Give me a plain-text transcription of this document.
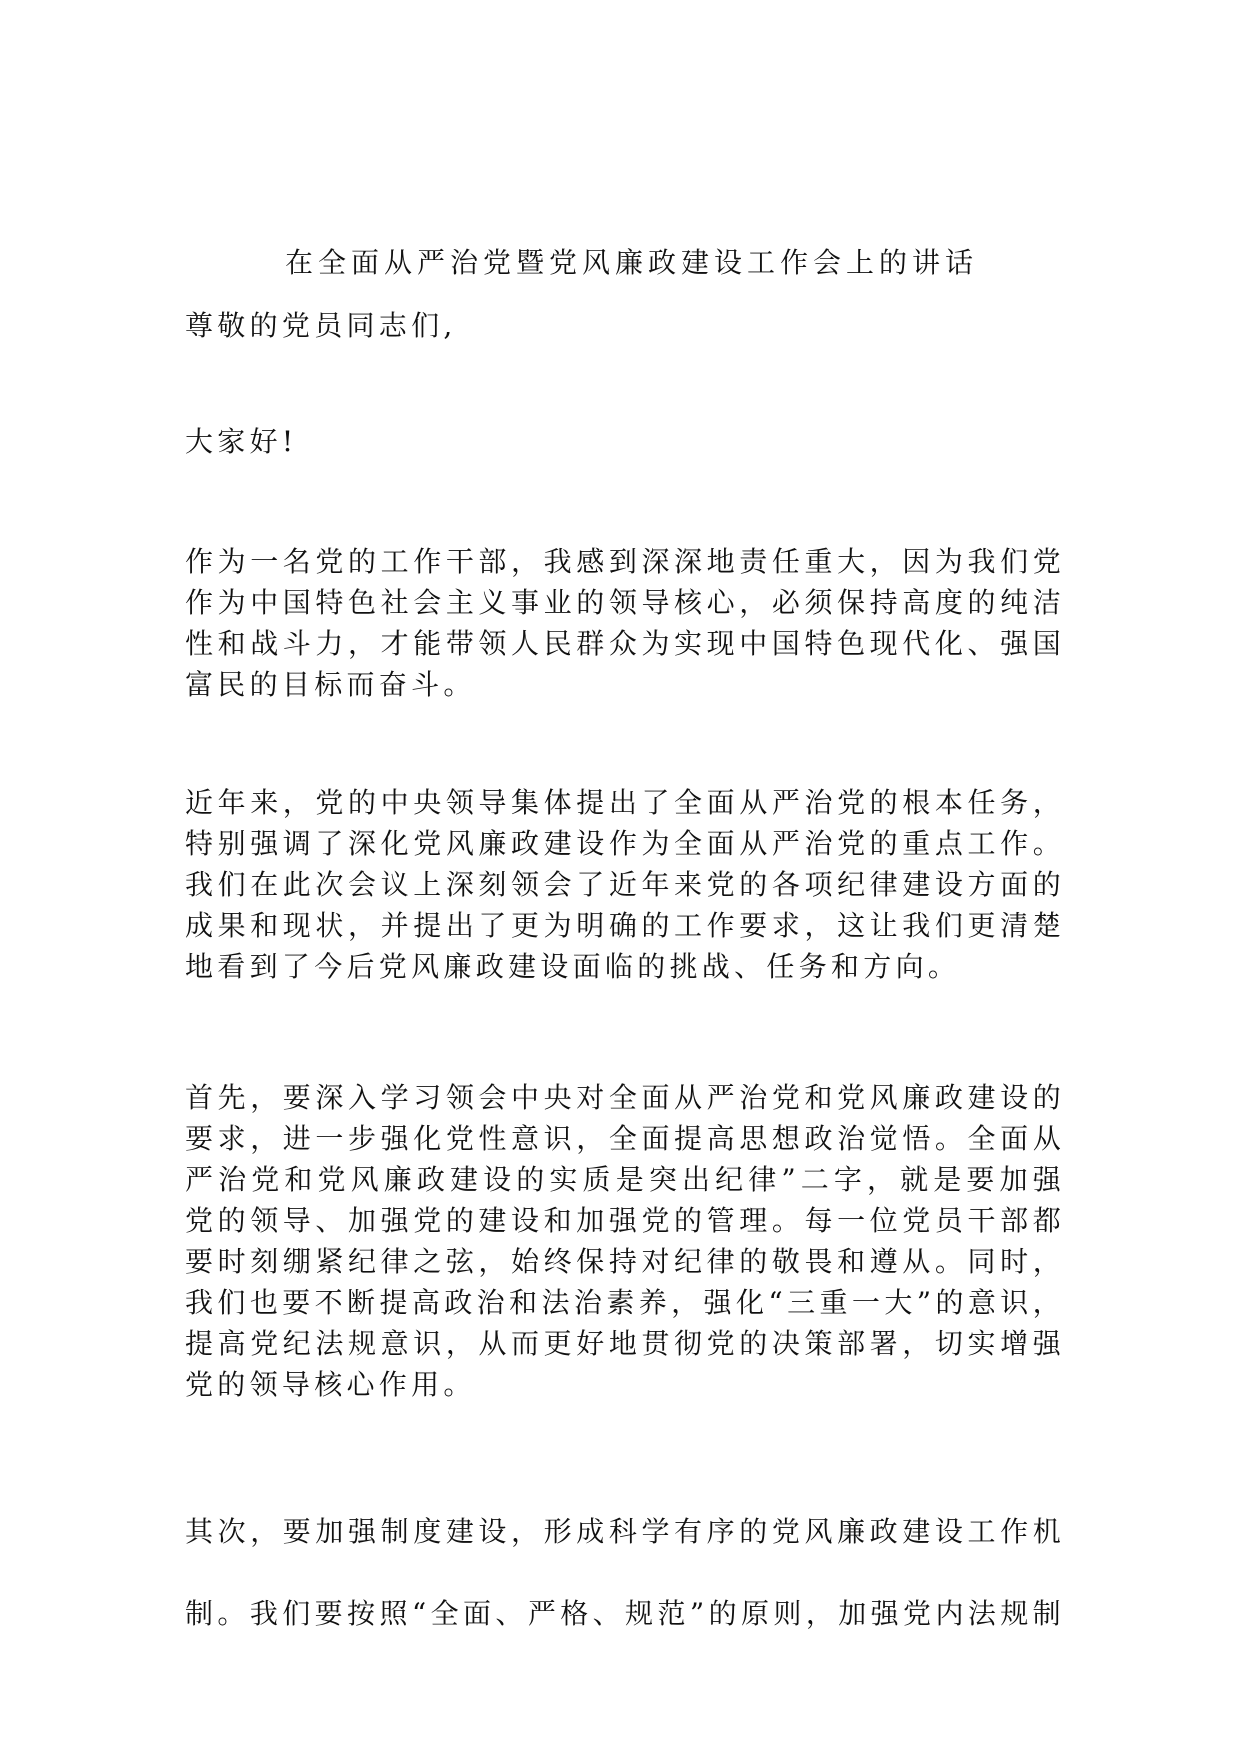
在全面从严治党暨党风廉政建设工作会上的讲话

尊敬的党员同志们,

大家好!

作为一名党的工作干部，我感到深深地责任重大，因为我们党
作为中国特色社会主义事业的领导核心，必须保持高度的纯洁
性和战斗力，才能带领人民群众为实现中国特色现代化、强国
富民的目标而奋斗。

近年来，党的中央领导集体提出了全面从严治党的根本任务，
特别强调了深化党风廉政建设作为全面从严治党的重点工作。
我们在此次会议上深刻领会了近年来党的各项纪律建设方面的
成果和现状，并提出了更为明确的工作要求，这让我们更清楚
地看到了今后党风廉政建设面临的挑战、任务和方向。

首先，要深入学习领会中央对全面从严治党和党风廉政建设的
要求，进一步强化党性意识，全面提高思想政治觉悟。全面从
严治党和党风廉政建设的实质是突出纪律”二字，就是要加强
党的领导、加强党的建设和加强党的管理。每一位党员干部都
要时刻绷紧纪律之弦，始终保持对纪律的敬畏和遵从。同时，
我们也要不断提高政治和法治素养，强化“三重一大”的意识，
提高党纪法规意识，从而更好地贯彻党的决策部署，切实增强
党的领导核心作用。

其次，要加强制度建设，形成科学有序的党风廉政建设工作机
制。我们要按照“全面、严格、规范”的原则，加强党内法规制
